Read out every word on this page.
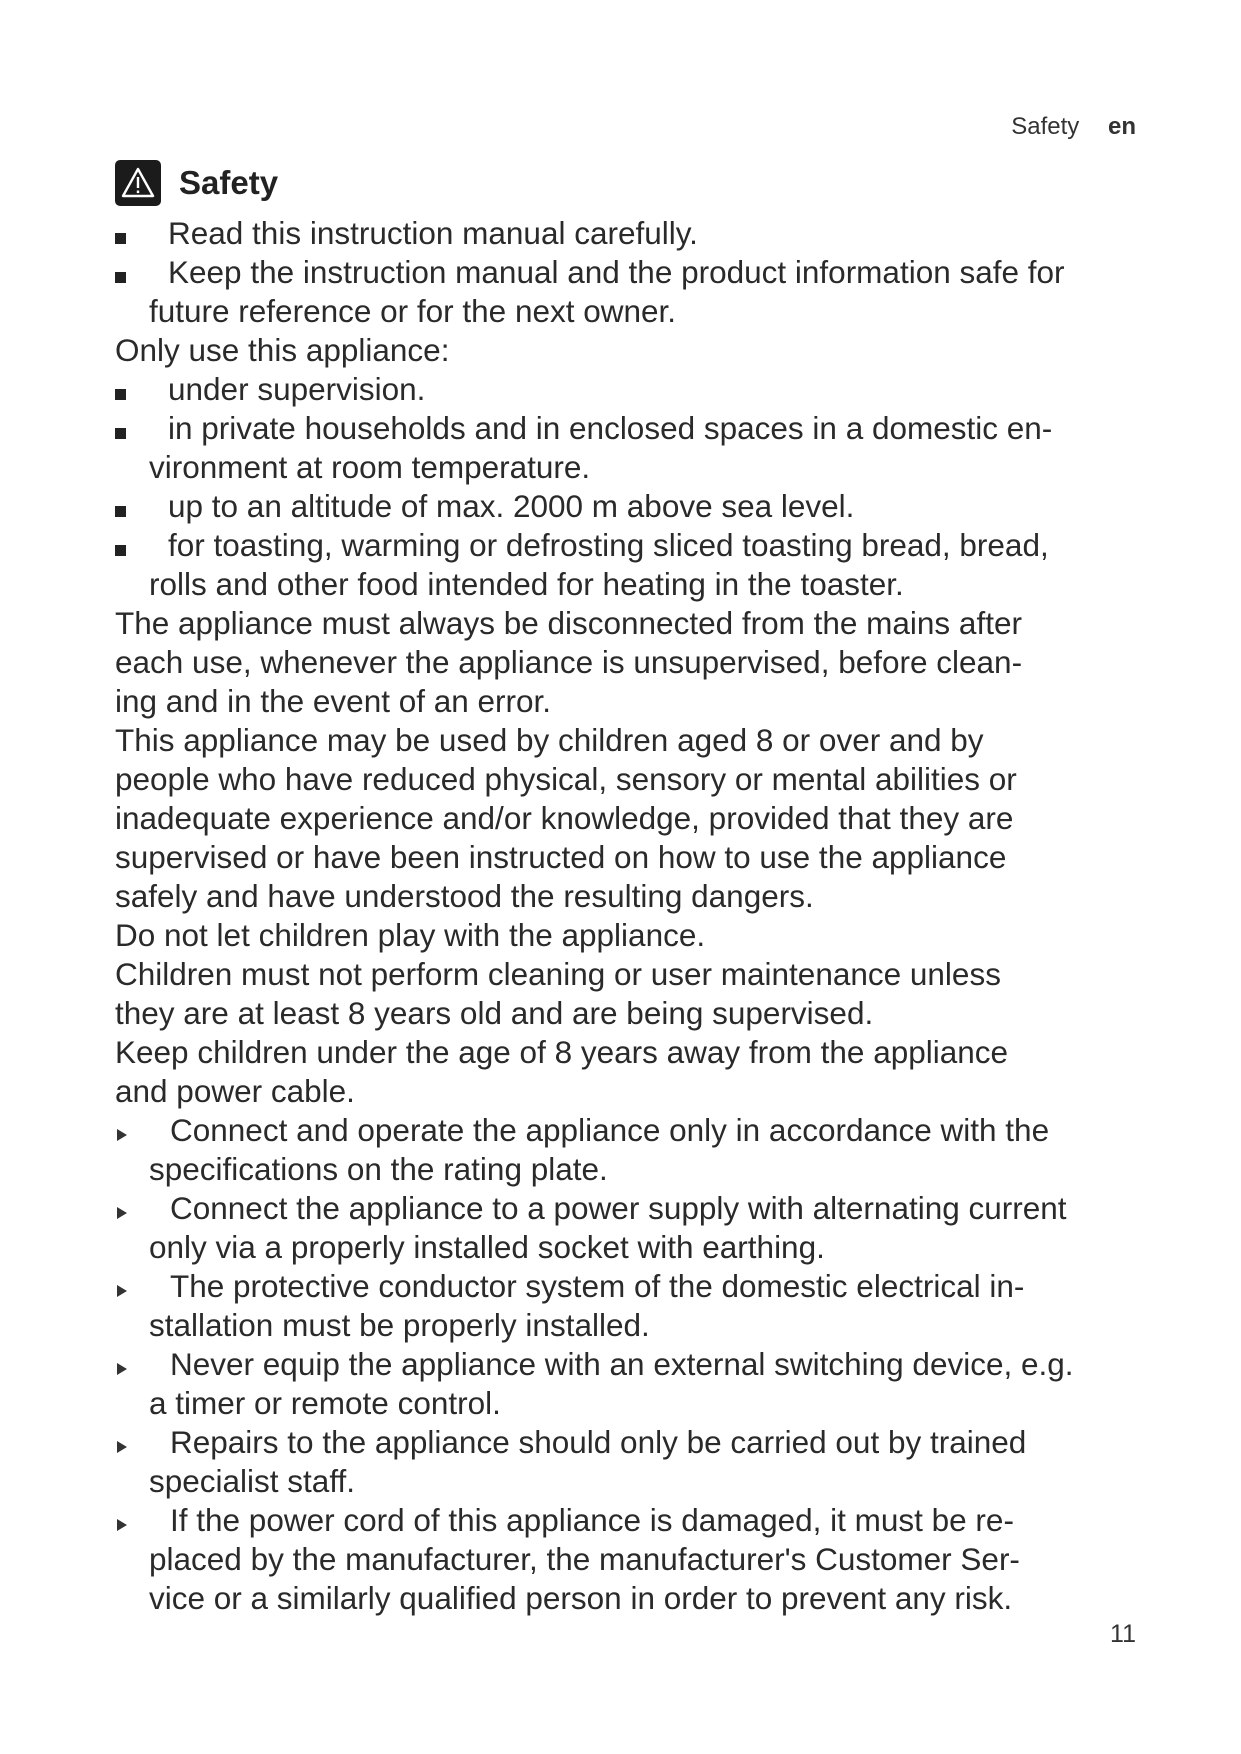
Safety en
Safety
Read this instruction manual carefully.
Keep the instruction manual and the product information safe for
future reference or for the next owner.

Only use this appliance:

under supervision.
in private households and in enclosed spaces in a domestic en-
vironment at room temperature.
up to an altitude of max. 2000 m above sea level.
for toasting, warming or defrosting sliced toasting bread, bread,
rolls and other food intended for heating in the toaster.

The appliance must always be disconnected from the mains after
each use, whenever the appliance is unsupervised, before clean-
ing and in the event of an error.

This appliance may be used by children aged 8 or over and by
people who have reduced physical, sensory or mental abilities or
inadequate experience and/or knowledge, provided that they are
supervised or have been instructed on how to use the appliance
safely and have understood the resulting dangers.

Do not let children play with the appliance.

Children must not perform cleaning or user maintenance unless
they are at least 8 years old and are being supervised.

Keep children under the age of 8 years away from the appliance
and power cable.

Connect and operate the appliance only in accordance with the
specifications on the rating plate.
Connect the appliance to a power supply with alternating current
only via a properly installed socket with earthing.
The protective conductor system of the domestic electrical in-
stallation must be properly installed.
Never equip the appliance with an external switching device, e.g.
a timer or remote control.
Repairs to the appliance should only be carried out by trained
specialist staff.
If the power cord of this appliance is damaged, it must be re-
placed by the manufacturer, the manufacturer's Customer Ser-
vice or a similarly qualified person in order to prevent any risk.
11
